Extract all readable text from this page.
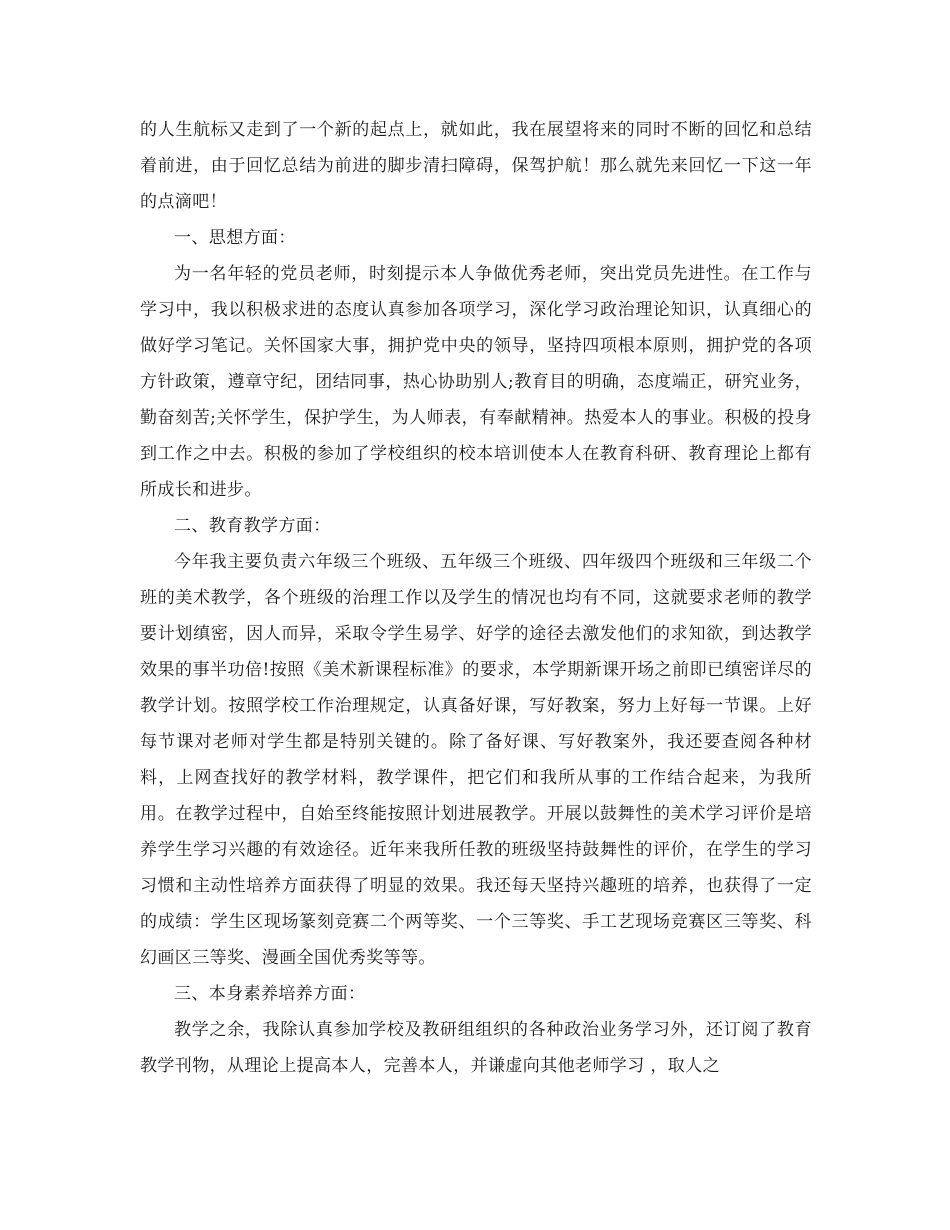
的人生航标又走到了一个新的起点上，就如此，我在展望将来的同时不断的回忆和总结着前进，由于回忆总结为前进的脚步清扫障碍，保驾护航！那么就先来回忆一下这一年的点滴吧！

一、思想方面：

为一名年轻的党员老师，时刻提示本人争做优秀老师，突出党员先进性。在工作与学习中，我以积极求进的态度认真参加各项学习，深化学习政治理论知识，认真细心的做好学习笔记。关怀国家大事，拥护党中央的领导，坚持四项根本原则，拥护党的各项方针政策，遵章守纪，团结同事，热心协助别人;教育目的明确，态度端正，研究业务，勤奋刻苦;关怀学生，保护学生，为人师表，有奉献精神。热爱本人的事业。积极的投身到工作之中去。积极的参加了学校组织的校本培训使本人在教育科研、教育理论上都有所成长和进步。

二、教育教学方面：

今年我主要负责六年级三个班级、五年级三个班级、四年级四个班级和三年级二个班的美术教学，各个班级的治理工作以及学生的情况也均有不同，这就要求老师的教学要计划缜密，因人而异，采取令学生易学、好学的途径去激发他们的求知欲，到达教学效果的事半功倍!按照《美术新课程标准》的要求，本学期新课开场之前即已缜密详尽的教学计划。按照学校工作治理规定，认真备好课，写好教案，努力上好每一节课。上好每节课对老师对学生都是特别关键的。除了备好课、写好教案外，我还要查阅各种材料，上网查找好的教学材料，教学课件，把它们和我所从事的工作结合起来，为我所用。在教学过程中，自始至终能按照计划进展教学。开展以鼓舞性的美术学习评价是培养学生学习兴趣的有效途径。近年来我所任教的班级坚持鼓舞性的评价，在学生的学习习惯和主动性培养方面获得了明显的效果。我还每天坚持兴趣班的培养，也获得了一定的成绩：学生区现场篆刻竞赛二个两等奖、一个三等奖、手工艺现场竞赛区三等奖、科幻画区三等奖、漫画全国优秀奖等等。

三、本身素养培养方面：

教学之余，我除认真参加学校及教研组组织的各种政治业务学习外，还订阅了教育教学刊物，从理论上提高本人，完善本人，并谦虚向其他老师学习 ，取人之
